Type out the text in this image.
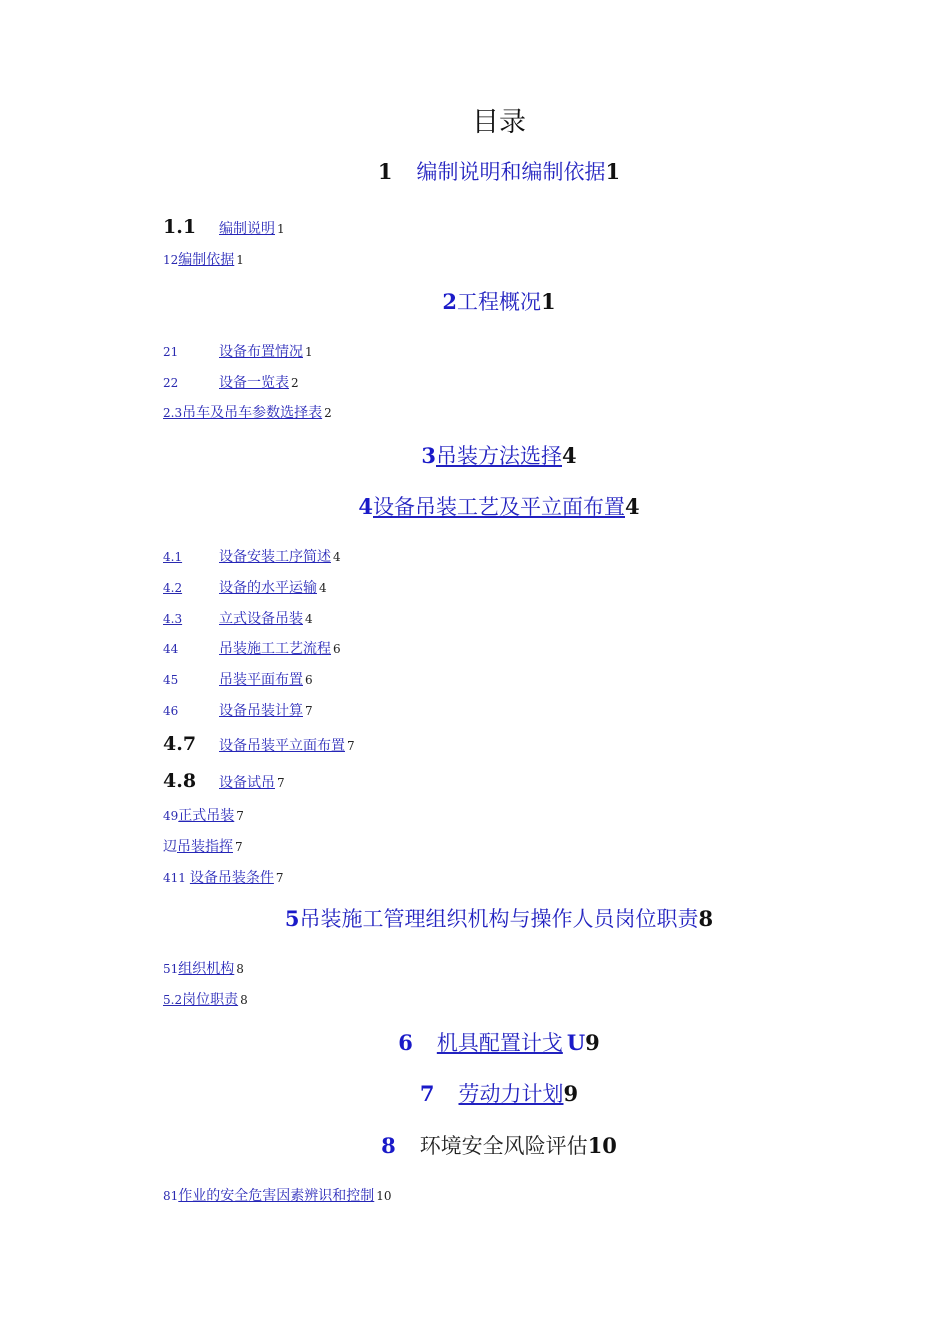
目录
1 编制说明和编制依据1
1.1 编制说明 1
12编制依据 1
2工程概况1
21	设备布置情况 1
22	设备一览表 2
2.3吊车及吊车参数选择表 2
3吊装方法选择4
4设备吊装工艺及平立面布置4
4.1	设备安装工序简述 4
4.2	设备的水平运输 4
4.3	立式设备吊装 4
44	吊装施工工艺流程 6
45	吊装平面布置 6
46	设备吊装计算 7
4.7 设备吊装平立面布置 7
4.8 设备试吊 7
49正式吊装 7
辺吊装指挥 7
411 设备吊装条件 7
5吊装施工管理组织机构与操作人员岗位职责8
51组织机构 8
5.2岗位职责 8
6 机具配置计戈 U9
7 劳动力计划9
8 环境安全风险评估10
81作业的安全危害因素辨识和控制 10
